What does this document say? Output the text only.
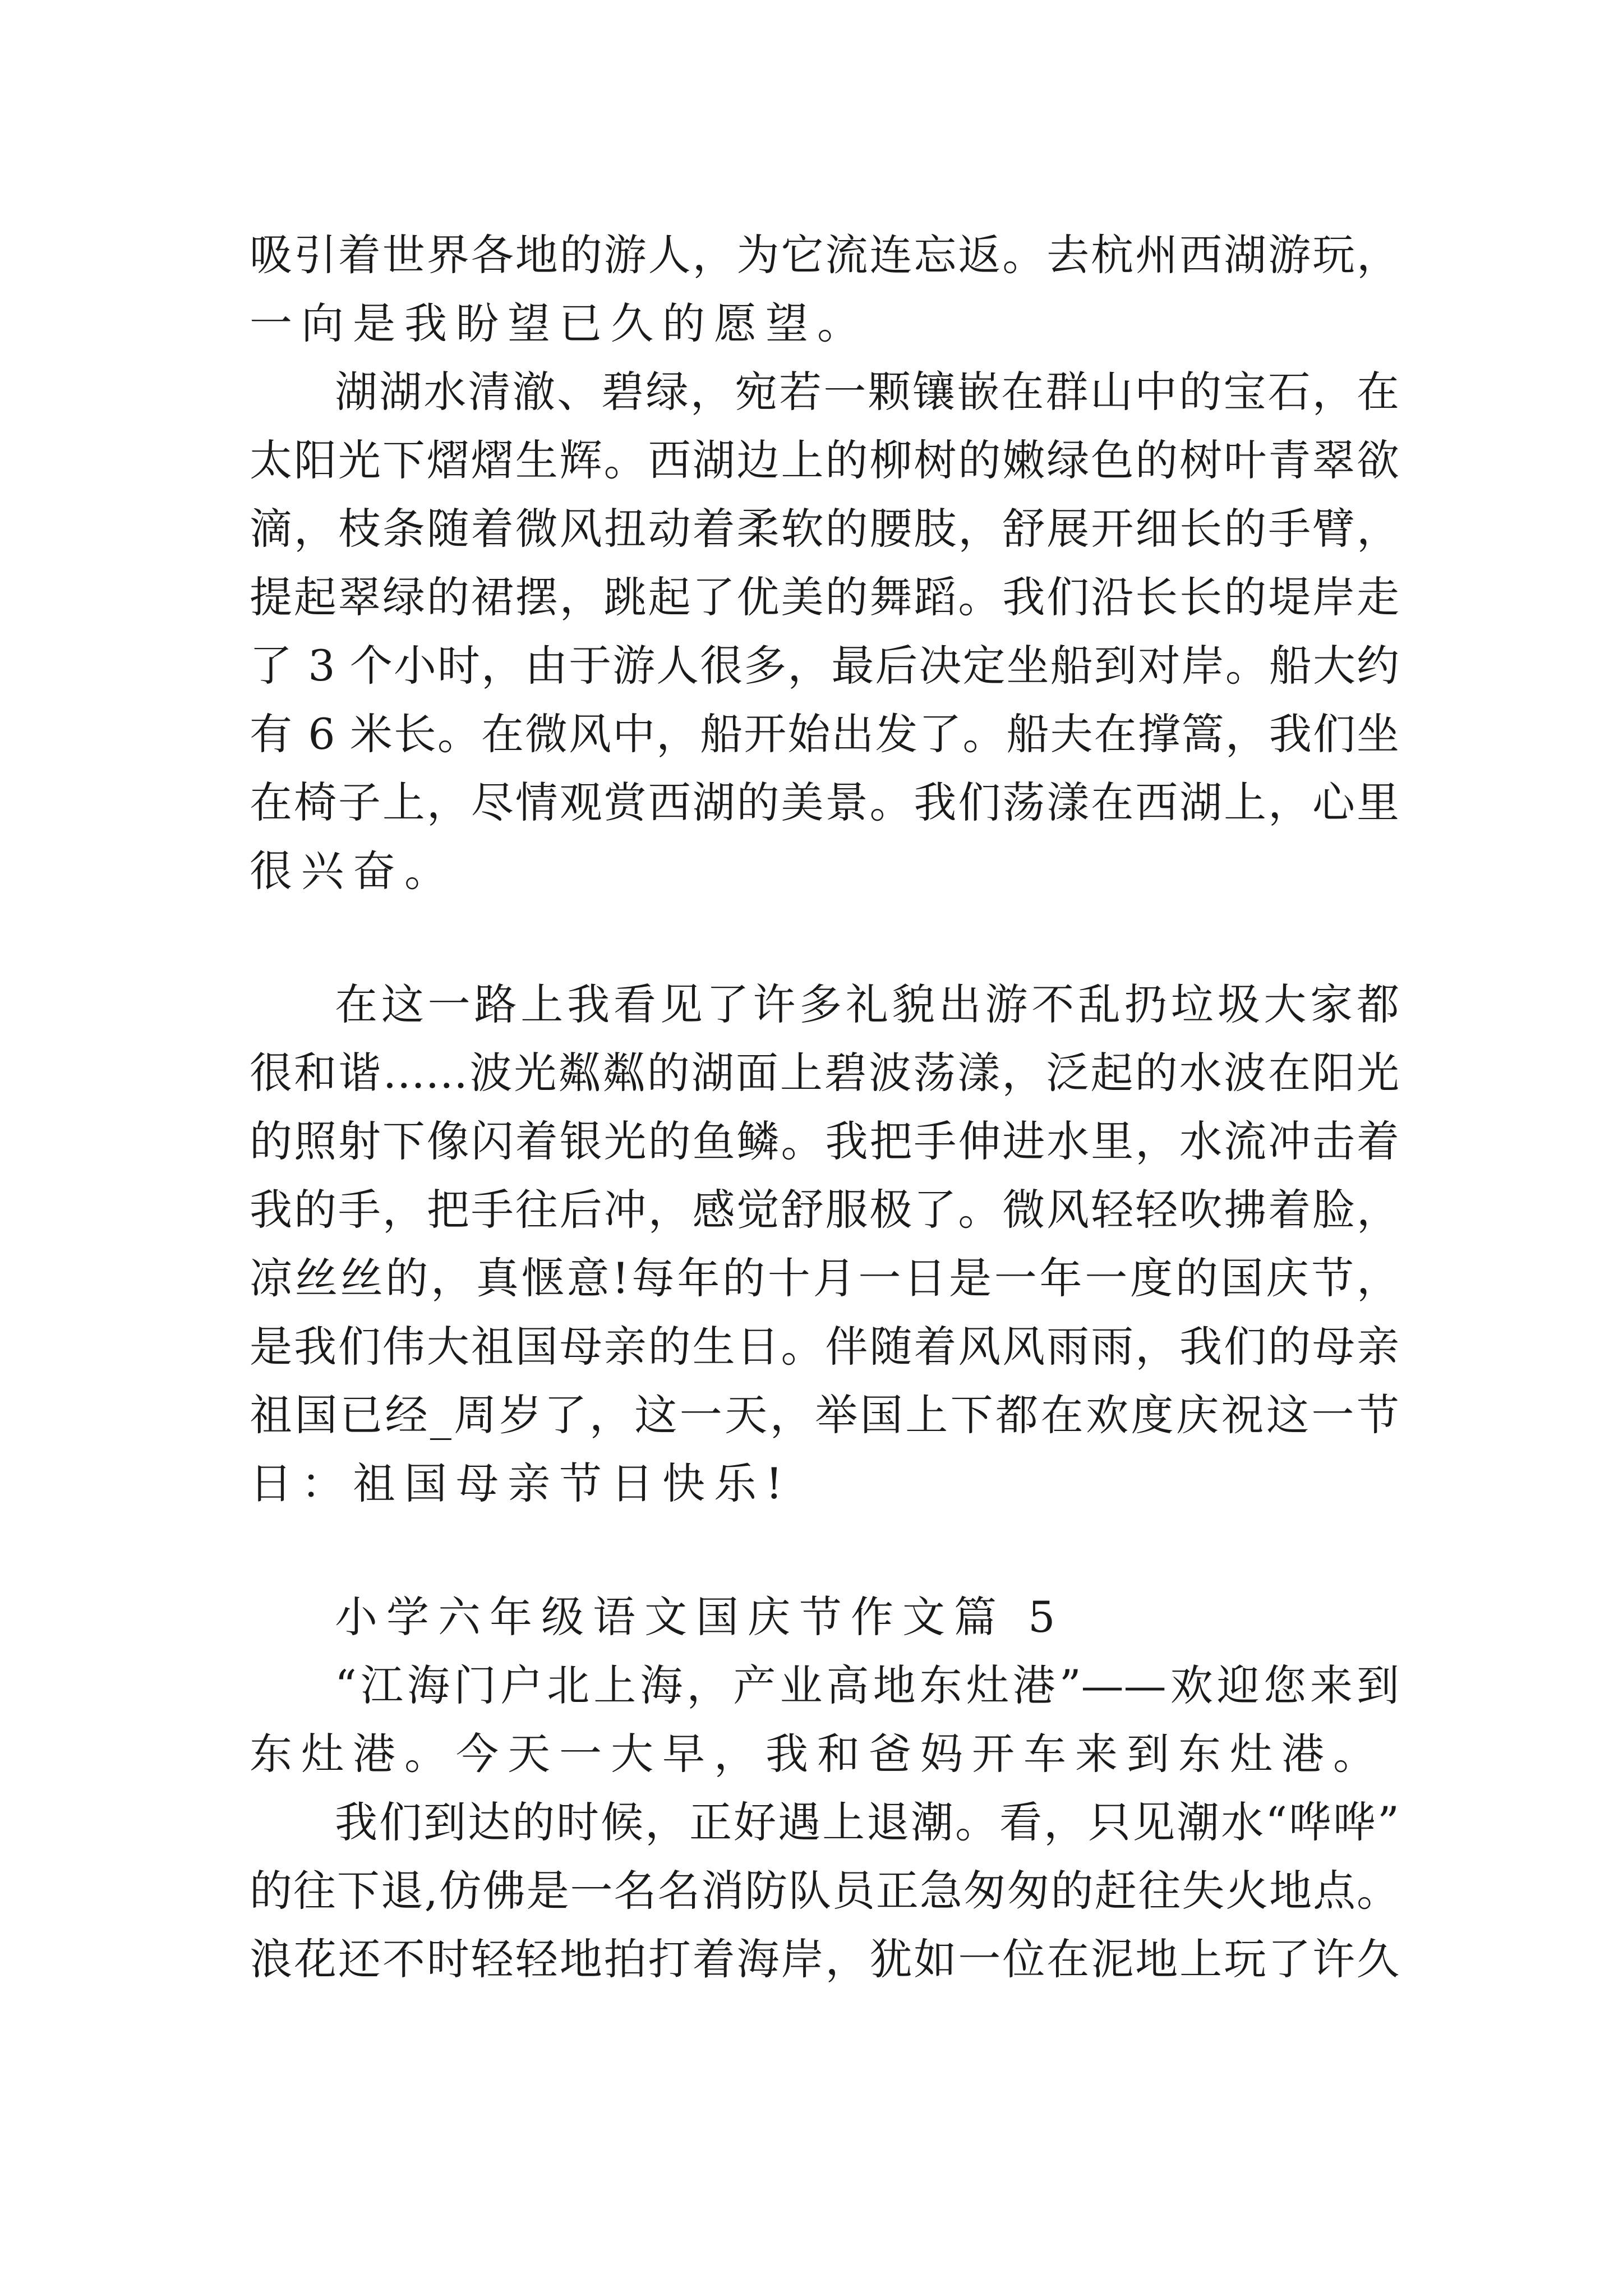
吸引着世界各地的游人，为它流连忘返。去杭州西湖游玩，
一向是我盼望已久的愿望。
湖湖水清澈、碧绿，宛若一颗镶嵌在群山中的宝石，在
太阳光下熠熠生辉。西湖边上的柳树的嫩绿色的树叶青翠欲
滴，枝条随着微风扭动着柔软的腰肢，舒展开细长的手臂，
提起翠绿的裙摆，跳起了优美的舞蹈。我们沿长长的堤岸走
了 3 个小时，由于游人很多，最后决定坐船到对岸。船大约
有 6 米长。在微风中，船开始出发了。船夫在撑篙，我们坐
在椅子上，尽情观赏西湖的美景。我们荡漾在西湖上，心里
很兴奋。
在这一路上我看见了许多礼貌出游不乱扔垃圾大家都
很和谐……波光粼粼的湖面上碧波荡漾，泛起的水波在阳光
的照射下像闪着银光的鱼鳞。我把手伸进水里，水流冲击着
我的手，把手往后冲，感觉舒服极了。微风轻轻吹拂着脸，
凉丝丝的，真惬意!每年的十月一日是一年一度的国庆节，
是我们伟大祖国母亲的生日。伴随着风风雨雨，我们的母亲
祖国已经_周岁了，这一天，举国上下都在欢度庆祝这一节
日：祖国母亲节日快乐!
小学六年级语文国庆节作文篇 5
“江海门户北上海，产业高地东灶港”——欢迎您来到
东灶港。今天一大早，我和爸妈开车来到东灶港。
我们到达的时候，正好遇上退潮。看，只见潮水“哗哗”
的往下退,仿佛是一名名消防队员正急匆匆的赶往失火地点。
浪花还不时轻轻地拍打着海岸，犹如一位在泥地上玩了许久
